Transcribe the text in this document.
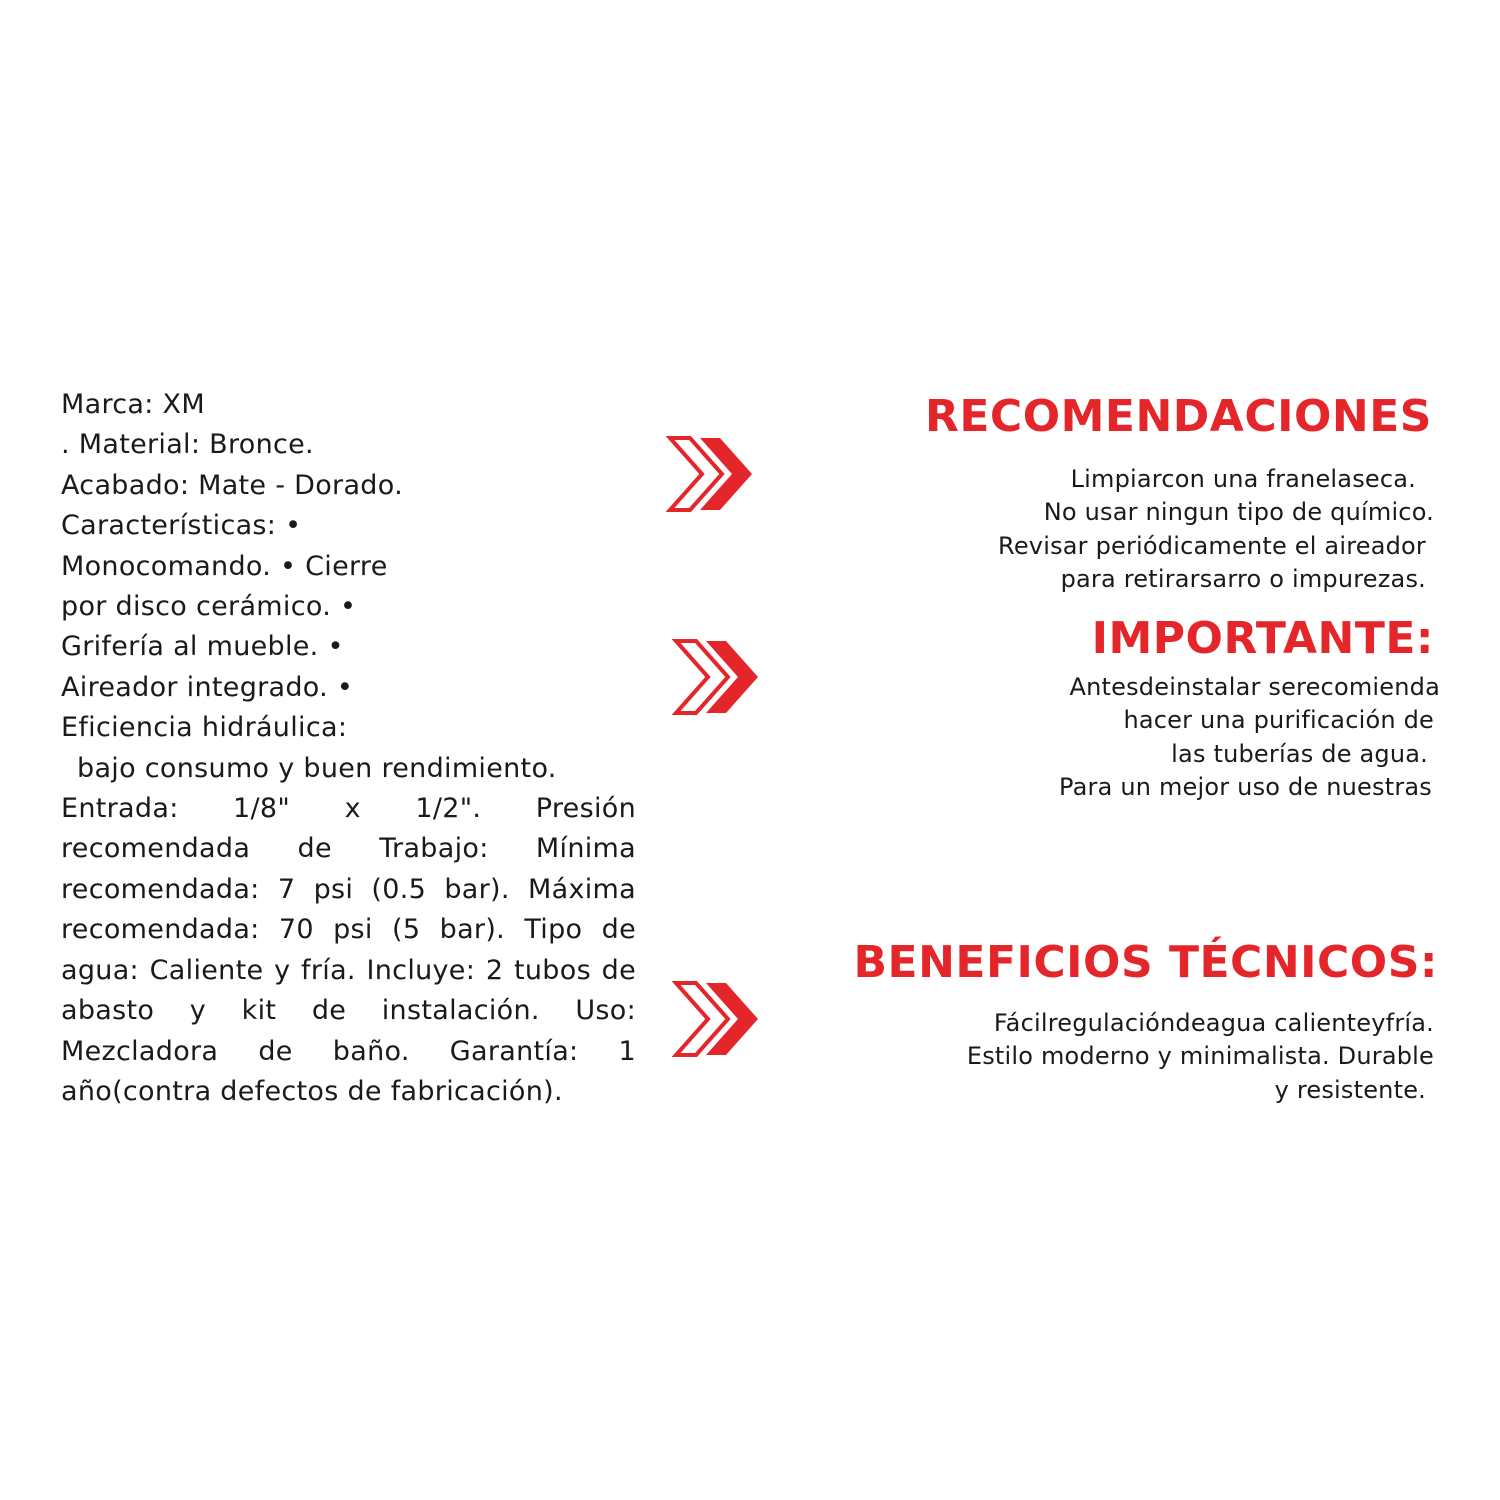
Marca: XM
. Material: Bronce.
Acabado: Mate - Dorado.
Características: •
Monocomando. • Cierre
por disco cerámico. •
Grifería al mueble. •
Aireador integrado. •
Eficiencia hidráulica:
bajo consumo y buen rendimiento.
Entrada: 1/8" x 1/2". Presión recomendada de Trabajo: Mínima recomendada: 7 psi (0.5 bar). Máxima recomendada: 70 psi (5 bar). Tipo de agua: Caliente y fría. Incluye: 2 tubos de abasto y kit de instalación. Uso: Mezcladora de baño. Garantía: 1 año(contra defectos de fabricación).
RECOMENDACIONES
Limpiarcon una franelaseca.
No usar ningun tipo de químico.
Revisar periódicamente el aireador
para retirarsarro o impurezas.
IMPORTANTE:
Antesdeinstalar serecomienda
hacer una purificación de
las tuberías de agua.
Para un mejor uso de nuestras
BENEFICIOS TÉCNICOS:
Fácilregulacióndeagua calienteyfría.
Estilo moderno y minimalista. Durable
y resistente.
